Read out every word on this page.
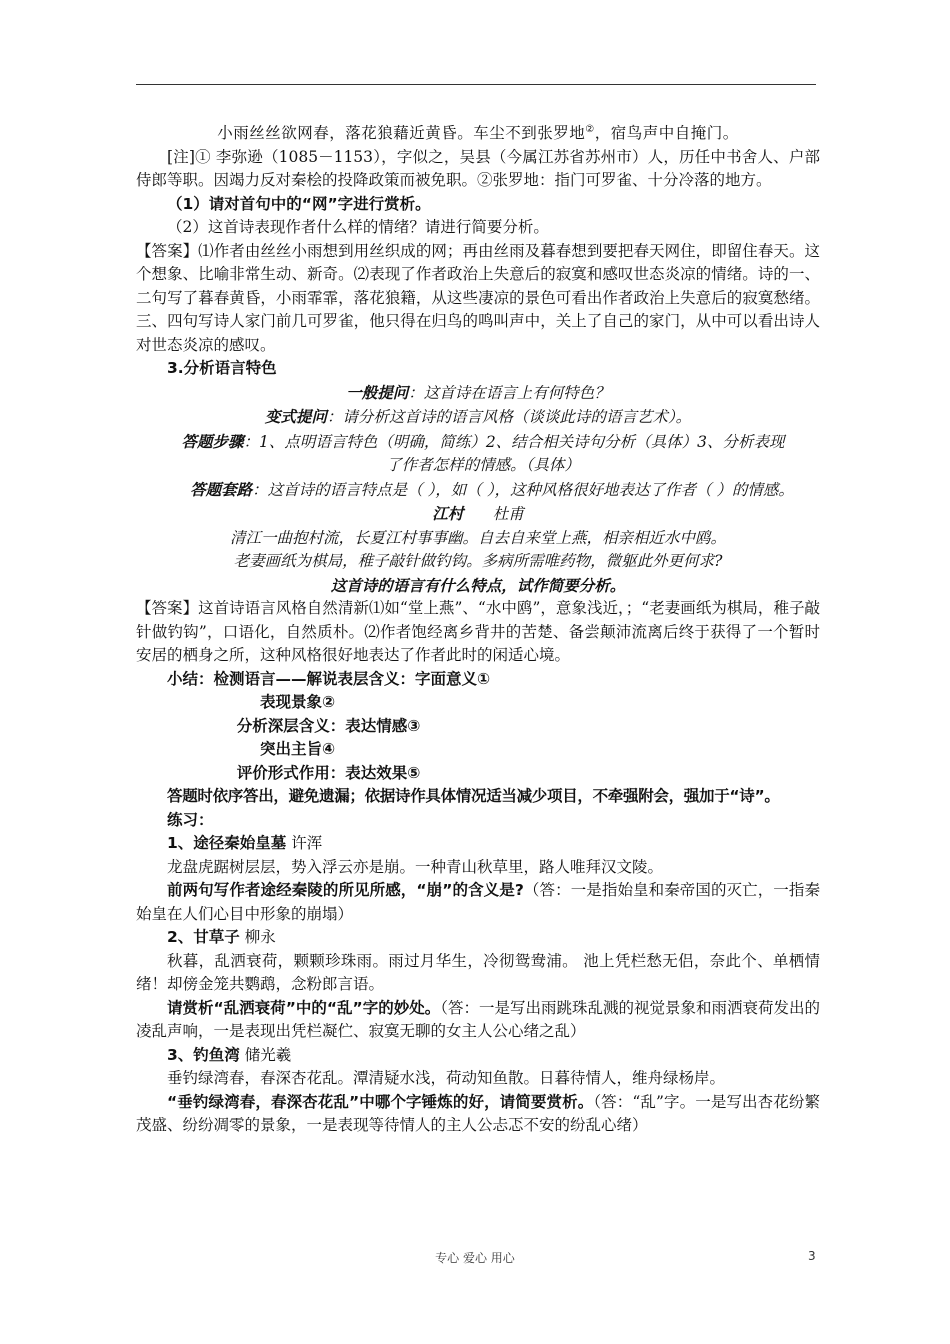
小雨丝丝欲网春，落花狼藉近黄昏。车尘不到张罗地②，宿鸟声中自掩门。

[注]① 李弥逊（1085－1153），字似之，吴县（今属江苏省苏州市）人，历任中书舍人、户部侍郎等职。因竭力反对秦桧的投降政策而被免职。②张罗地：指门可罗雀、十分冷落的地方。

（1）请对首句中的“网”字进行赏析。

（2）这首诗表现作者什么样的情绪？请进行简要分析。

【答案】⑴作者由丝丝小雨想到用丝织成的网；再由丝雨及暮春想到要把春天网住，即留住春天。这个想象、比喻非常生动、新奇。⑵表现了作者政治上失意后的寂寞和感叹世态炎凉的情绪。诗的一、二句写了暮春黄昏，小雨霏霏，落花狼籍，从这些凄凉的景色可看出作者政治上失意后的寂寞愁绪。三、四句写诗人家门前几可罗雀，他只得在归鸟的鸣叫声中，关上了自己的家门，从中可以看出诗人对世态炎凉的感叹。

3.分析语言特色

一般提问：这首诗在语言上有何特色？

变式提问：请分析这首诗的语言风格（谈谈此诗的语言艺术）。

答题步骤：1、点明语言特色（明确，简练）2、结合相关诗句分析（具体）3、分析表现了作者怎样的情感。（具体）

答题套路：这首诗的语言特点是（ ），如（ ），这种风格很好地表达了作者（ ）的情感。

江村 杜甫

清江一曲抱村流，长夏江村事事幽。自去自来堂上燕，相亲相近水中鸥。

老妻画纸为棋局，稚子敲针做钓钩。多病所需唯药物，微躯此外更何求?

这首诗的语言有什么特点，试作简要分析。

【答案】这首诗语言风格自然清新⑴如“堂上燕”、“水中鸥”，意象浅近，；“老妻画纸为棋局，稚子敲针做钓钩”，口语化，自然质朴。⑵作者饱经离乡背井的苦楚、备尝颠沛流离后终于获得了一个暂时安居的栖身之所，这种风格很好地表达了作者此时的闲适心境。

小结：检测语言——解说表层含义：字面意义①

表现景象②

分析深层含义：表达情感③

突出主旨④

评价形式作用：表达效果⑤

答题时依序答出，避免遗漏；依据诗作具体情况适当减少项目，不牵强附会，强加于“诗”。

练习：

1、途径秦始皇墓 许浑

龙盘虎踞树层层，势入浮云亦是崩。一种青山秋草里，路人唯拜汉文陵。

前两句写作者途经秦陵的所见所感，“崩”的含义是?（答：一是指始皇和秦帝国的灭亡，一指秦始皇在人们心目中形象的崩塌）

2、甘草子 柳永

秋暮，乱洒衰荷，颗颗珍珠雨。雨过月华生，冷彻鸳鸯浦。 池上凭栏愁无侣，奈此个、单栖情绪！却傍金笼共鹦鹉，念粉郎言语。

请赏析“乱洒衰荷”中的“乱”字的妙处。（答：一是写出雨跳珠乱溅的视觉景象和雨洒衰荷发出的凌乱声响，一是表现出凭栏凝伫、寂寞无聊的女主人公心绪之乱）

3、钓鱼湾 储光羲

垂钓绿湾春，春深杏花乱。潭清疑水浅，荷动知鱼散。日暮待情人，维舟绿杨岸。

“垂钓绿湾春，春深杏花乱”中哪个字锤炼的好，请简要赏析。（答：“乱”字。一是写出杏花纷繁茂盛、纷纷凋零的景象，一是表现等待情人的主人公忐忑不安的纷乱心绪）

专心 爱心 用心	3
